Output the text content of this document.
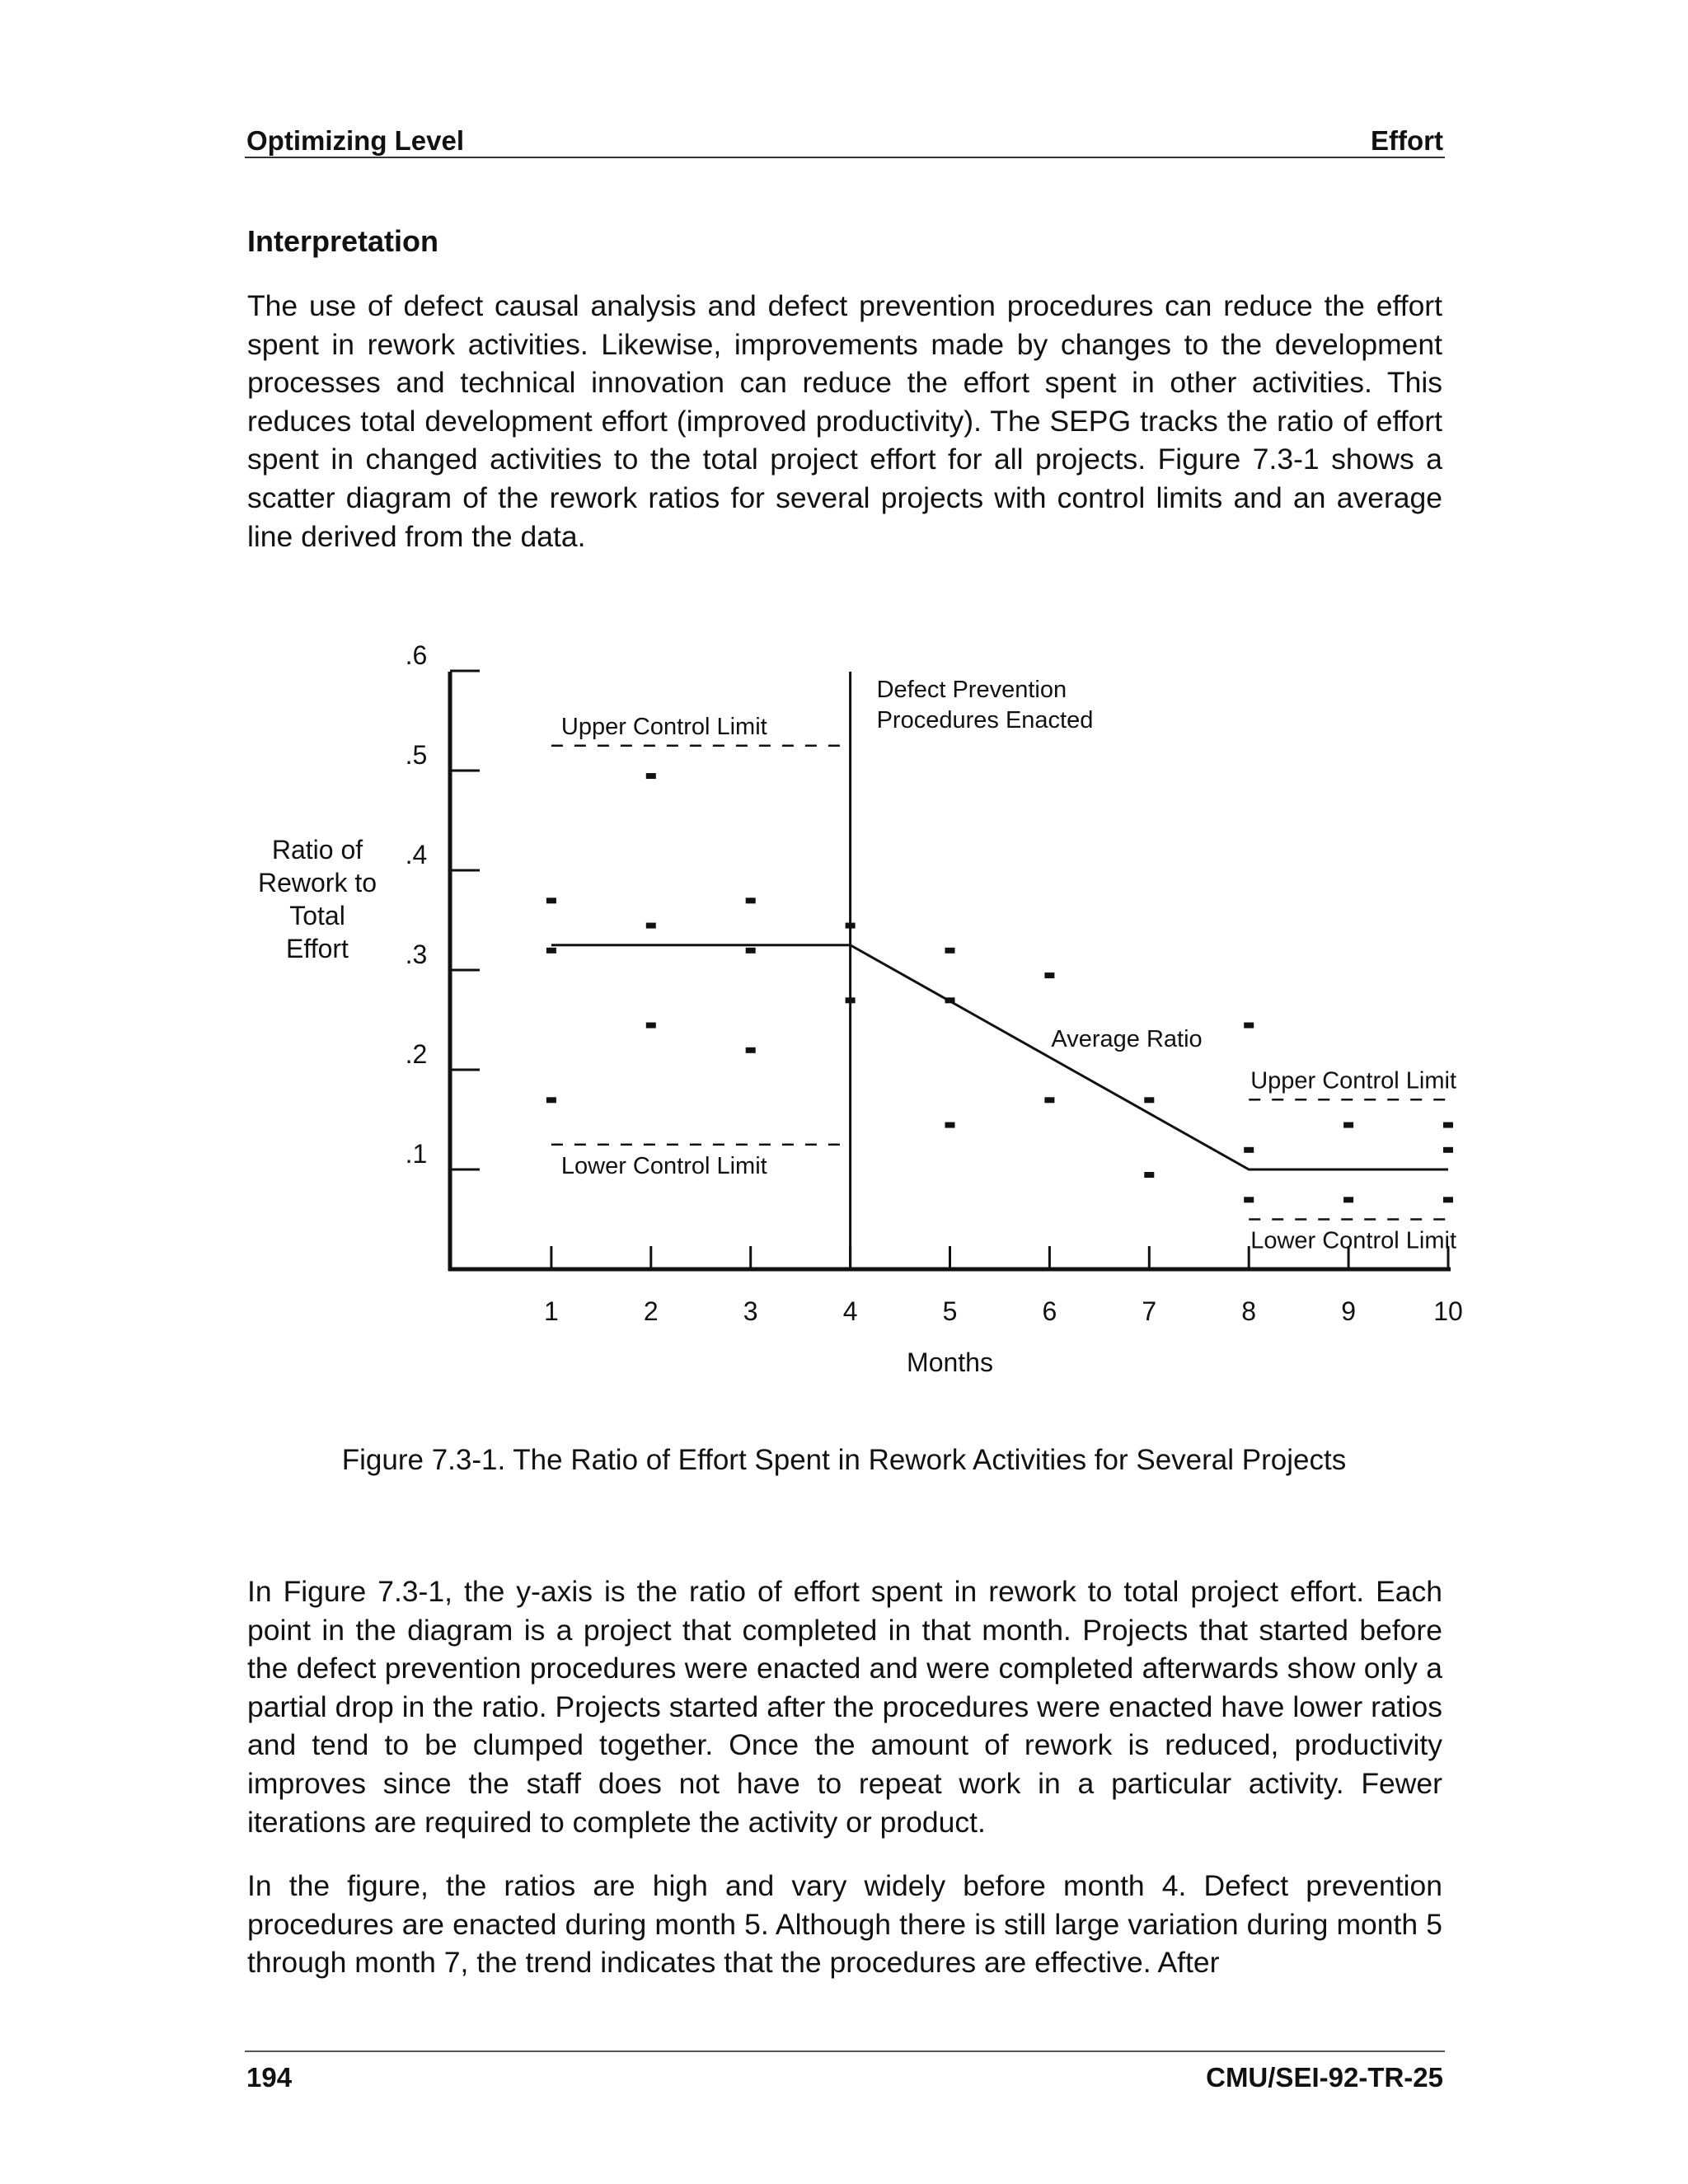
Optimizing Level	Effort
Interpretation

The use of defect causal analysis and defect prevention procedures can reduce the effort spent in rework activities. Likewise, improvements made by changes to the development processes and technical innovation can reduce the effort spent in other activities. This reduces total development effort (improved productivity). The SEPG tracks the ratio of effort spent in changed activities to the total project effort for all projects. Figure 7.3-1 shows a scatter diagram of the rework ratios for several projects with control limits and an average line derived from the data.

.1
.2
.3
.4
.5
.6
1	2	3	4	5	6	7	8	9	10
Months
Ratio of
Rework to
Total
Effort
Defect Prevention
Procedures Enacted
Upper Control Limit
Lower Control Limit
Upper Control Limit
Lower Control Limit
Average Ratio
Figure 7.3-1. The Ratio of Effort Spent in Rework Activities for Several Projects

In Figure 7.3-1, the y-axis is the ratio of effort spent in rework to total project effort. Each point in the diagram is a project that completed in that month. Projects that started before the defect prevention procedures were enacted and were completed afterwards show only a partial drop in the ratio. Projects started after the procedures were enacted have lower ratios and tend to be clumped together. Once the amount of rework is reduced, productivity improves since the staff does not have to repeat work in a particular activity. Fewer iterations are required to complete the activity or product.

In the figure, the ratios are high and vary widely before month 4. Defect prevention procedures are enacted during month 5. Although there is still large variation during month 5 through month 7, the trend indicates that the procedures are effective. After

194	CMU/SEI-92-TR-25
